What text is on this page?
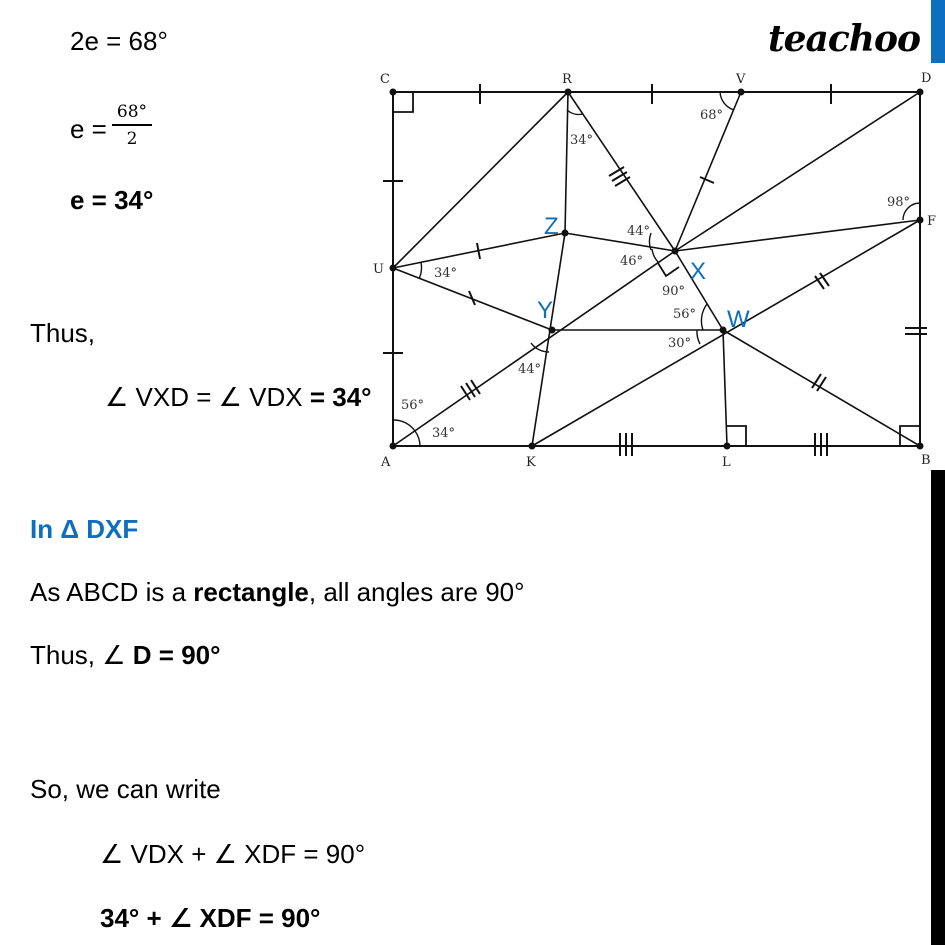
teachoo
2e = 68°
$e = \frac{68^\circ}{2}$
e = 34°
Thus,
∠ VXD = ∠ VDX = 34°
In Δ DXF
As ABCD is a rectangle, all angles are 90°
Thus, ∠ D = 90°
So, we can write
∠ VDX + ∠ XDF = 90°
34° + ∠ XDF = 90°
C	R	V	D
U
F
A	K	L	B
Z
X
Y	W
34°
68°
98°
44°
46°
90°
34°
56°
30°
44°
56°
34°
